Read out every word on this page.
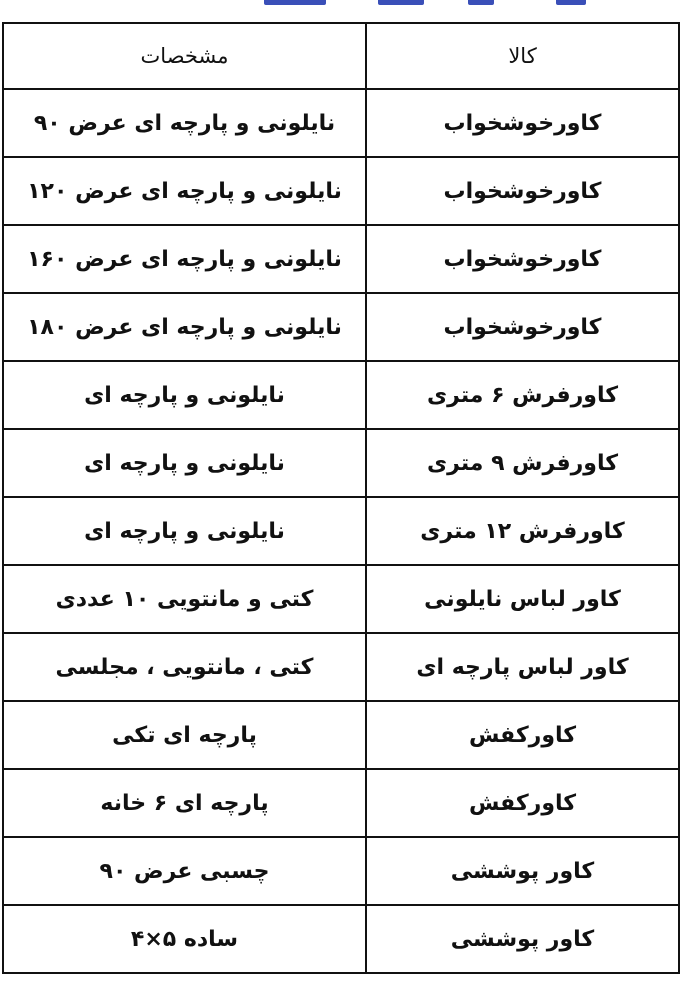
کالا	مشخصات
کاورخوشخواب	نایلونی و پارچه ای عرض ۹۰
کاورخوشخواب	نایلونی و پارچه ای عرض ۱۲۰
کاورخوشخواب	نایلونی و پارچه ای عرض ۱۶۰
کاورخوشخواب	نایلونی و پارچه ای عرض ۱۸۰
کاورفرش ۶ متری	نایلونی و پارچه ای
کاورفرش ۹ متری	نایلونی و پارچه ای
کاورفرش ۱۲ متری	نایلونی و پارچه ای
کاور لباس نایلونی	کتی و مانتویی ۱۰ عددی
کاور لباس پارچه ای	کتی ، مانتویی ، مجلسی
کاورکفش	پارچه ای تکی
کاورکفش	پارچه ای ۶ خانه
کاور پوششی	چسبی عرض ۹۰
کاور پوششی	ساده ۵×۴
